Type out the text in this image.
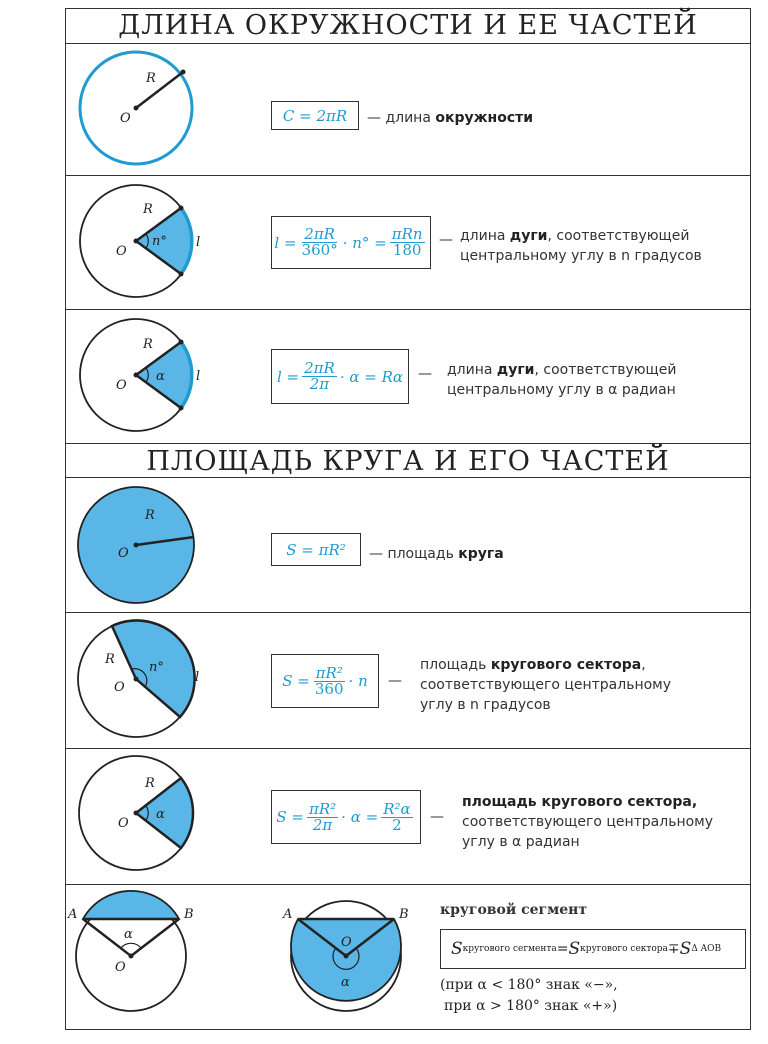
ДЛИНА ОКРУЖНОСТИ И ЕЕ ЧАСТЕЙ
ПЛОЩАДЬ КРУГА И ЕГО ЧАСТЕЙ
R
O	C = 2πR	— длина окружности
R
O
n° l	$l = \frac{2\pi R}{360^\circ} \cdot n^\circ = \frac{\text{πRn}}{180}$ — длина дуги, соответствующей
центральному углу в n градусов
R
O
α l	$l = \frac{2\pi R}{2\pi} \cdot \alpha = R\alpha$ — длина дуги, соответствующей
центральному углу в α радиан
R
O	S = πR²	— площадь круга
R
O
n°
l	$S = \frac{\text{πR²}}{360} \cdot n$ —
площадь кругового сектора,
соответствующего центральному
углу в n градусов
R
O
α	$S = \frac{\text{πR²}}{2\pi} \cdot \alpha = \frac{\text{R²α}}{2}$ —
площадь кругового сектора,
соответствующего центральному
углу в α радиан
A	B
α
O
A	B
O
α
круговой сегмент
S кругового сегмента = S кругового сектора ∓ S Δ AOB
(при α < 180° знак «−»,
при α > 180° знак «+»)
